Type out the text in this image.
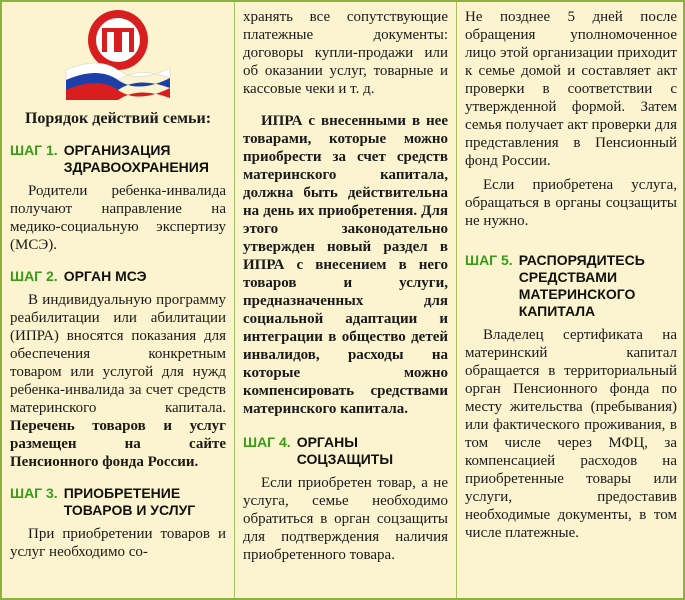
Порядок действий семьи:
ШАГ 1. ОРГАНИЗАЦИЯ ЗДРАВООХРАНЕНИЯ

Родители ребенка-инвалида получают направление на медико-социальную экспертизу (МСЭ).

ШАГ 2. ОРГАН МСЭ

В индивидуальную программу реабилитации или абилитации (ИПРА) вносятся показания для обеспечения конкретным товаром или услугой для нужд ребенка-инвалида за счет средств материнского капитала. Перечень товаров и услуг размещен на сайте Пенсионного фонда России.

ШАГ 3. ПРИОБРЕТЕНИЕ ТОВАРОВ И УСЛУГ

При приобретении товаров и услуг необходимо со-

хранять все сопутствующие платежные документы: договоры купли-продажи или об оказании услуг, товарные и кассовые чеки и т. д.

ИПРА с внесенными в нее товарами, которые можно приобрести за счет средств материнского капитала, должна быть действительна на день их приобретения. Для этого законодательно утвержден новый раздел в ИПРА с внесением в него товаров и услуги, предназначенных для социальной адаптации и интеграции в общество детей инвалидов, расходы на которые можно компенсировать средствами материнского капитала.

ШАГ 4. ОРГАНЫ СОЦЗАЩИТЫ

Если приобретен товар, а не услуга, семье необходимо обратиться в орган соцзащиты для подтверждения наличия приобретенного товара.

Не позднее 5 дней после обращения уполномоченное лицо этой организации приходит к семье домой и составляет акт проверки в соответствии с утвержденной формой. Затем семья получает акт проверки для представления в Пенсионный фонд России.

Если приобретена услуга, обращаться в органы соцзащиты не нужно.

ШАГ 5. РАСПОРЯДИТЕСЬ СРЕДСТВАМИ МАТЕРИНСКОГО КАПИТАЛА

Владелец сертификата на материнский капитал обращается в территориальный орган Пенсионного фонда по месту жительства (пребывания) или фактического проживания, в том числе через МФЦ, за компенсацией расходов на приобретенные товары или услуги, предоставив необходимые документы, в том числе платежные.
